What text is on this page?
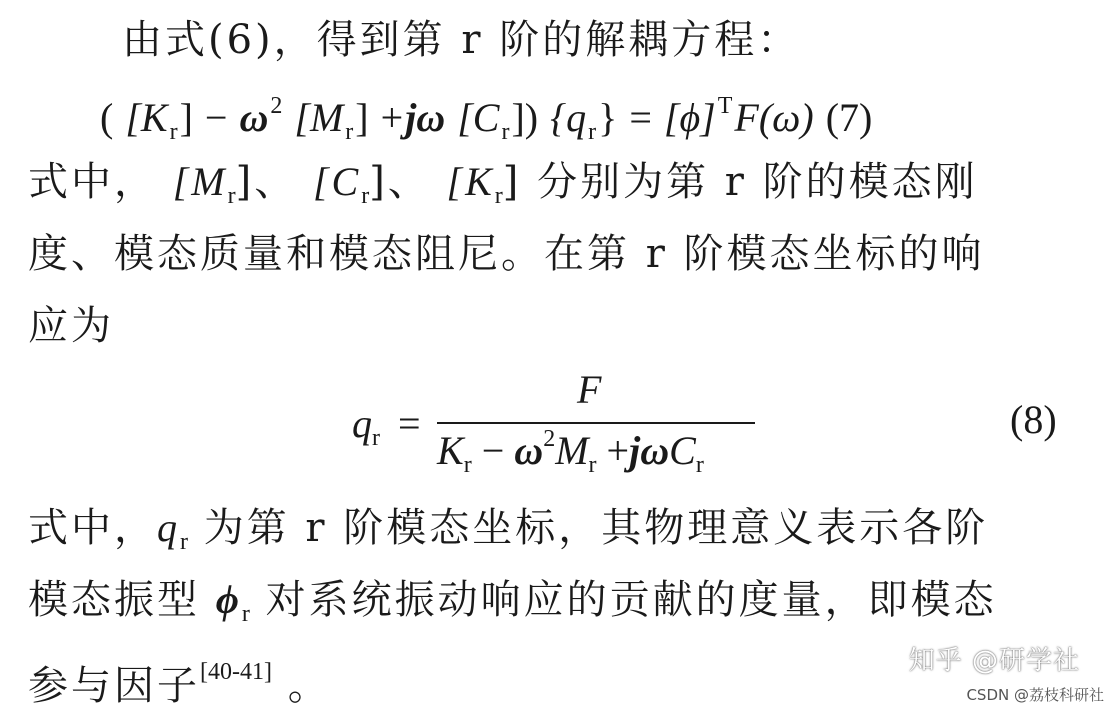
由式(6)，得到第 r 阶的解耦方程：
( $[K_r] - \omega^2$ $[M_r] +j\omega$ $[C_r]$) $\{q_r\} = [\phi]^TF(\omega)$ (7)
式中， $[M_r]$、 $[C_r]$、 $[K_r]$ 分别为第 r 阶的模态刚
度、模态质量和模态阻尼。在第 r 阶模态坐标的响
应为
$q_r$ =
F
$K_r - \omega^2M_r +j\omega C_r$
(8)
式中，$q_r$ 为第 r 阶模态坐标，其物理意义表示各阶
模态振型 $\phi_r$ 对系统振动响应的贡献的度量，即模态
参与因子[40-41] 。
知乎 @研学社
CSDN @荔枝科研社
